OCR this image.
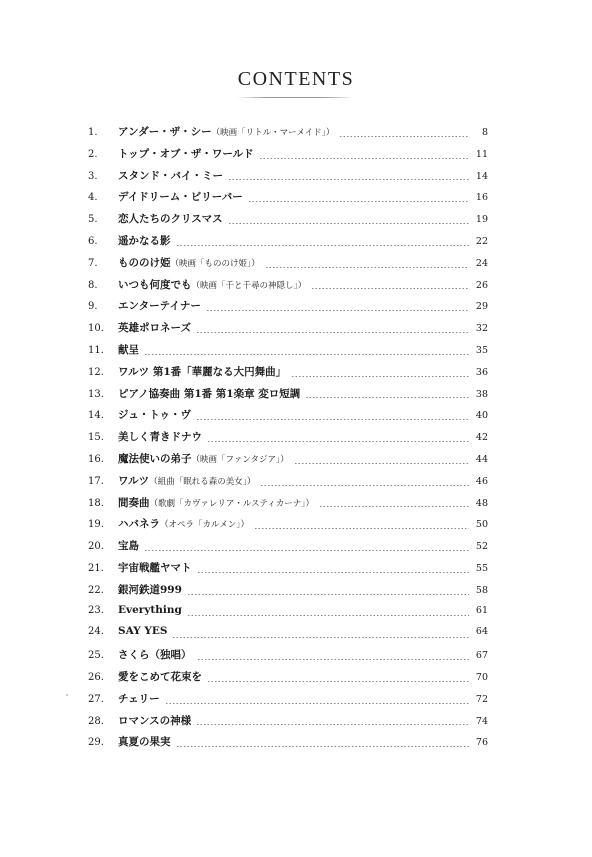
CONTENTS
1.	アンダー・ザ・シー（映画「リトル・マーメイド」）	8
2.	トップ・オブ・ザ・ワールド	11
3.	スタンド・バイ・ミー	14
4.	デイドリーム・ビリーバー	16
5.	恋人たちのクリスマス	19
6.	遥かなる影	22
7.	もののけ姫（映画「もののけ姫」）	24
8.	いつも何度でも（映画「千と千尋の神隠し」）	26
9.	エンターテイナー	29
10.	英雄ポロネーズ	32
11.	献呈	35
12.	ワルツ 第1番「華麗なる大円舞曲」	36
13.	ピアノ協奏曲 第1番 第1楽章 変ロ短調	38
14.	ジュ・トゥ・ヴ	40
15.	美しく青きドナウ	42
16.	魔法使いの弟子（映画「ファンタジア」）	44
17.	ワルツ（組曲「眠れる森の美女」）	46
18.	間奏曲（歌劇「カヴァレリア・ルスティカーナ」）	48
19.	ハバネラ（オペラ「カルメン」）	50
20.	宝島	52
21.	宇宙戦艦ヤマト	55
22.	銀河鉄道999	58
23.	Everything	61
24.	SAY YES	64
25.	さくら（独唱）	67
26.	愛をこめて花束を	70
27.	チェリー	72
28.	ロマンスの神様	74
29.	真夏の果実	76
